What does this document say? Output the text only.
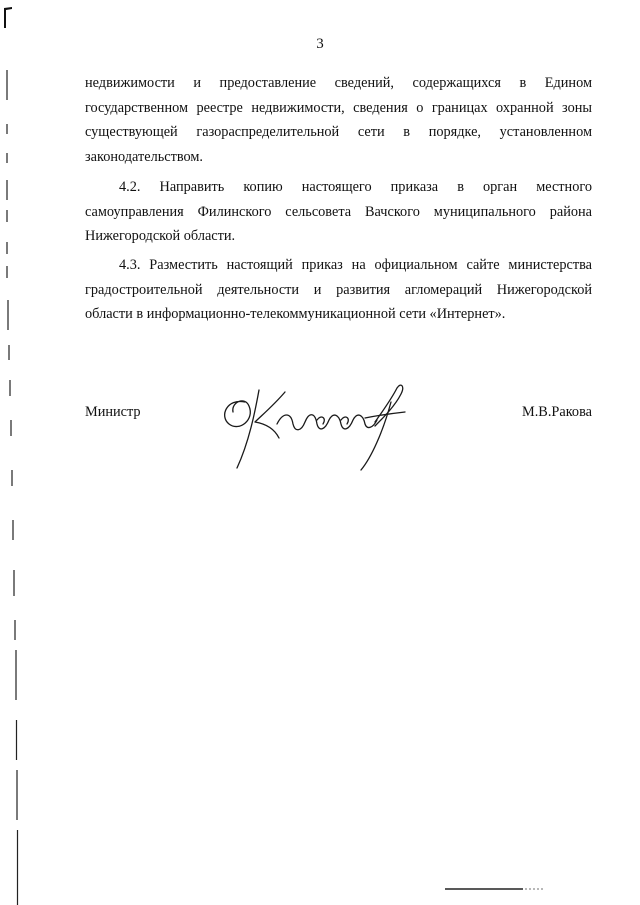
3
недвижимости и предоставление сведений, содержащихся в Едином
государственном реестре недвижимости, сведения о границах охранной зоны
существующей газораспределительной сети в порядке, установленном
законодательством.
4.2. Направить копию настоящего приказа в орган местного
самоуправления Филинского сельсовета Вачского муниципального района
Нижегородской области.
4.3. Разместить настоящий приказ на официальном сайте министерства
градостроительной деятельности и развития агломераций Нижегородской
области в информационно-телекоммуникационной сети «Интернет».
Министр	М.В.Ракова
